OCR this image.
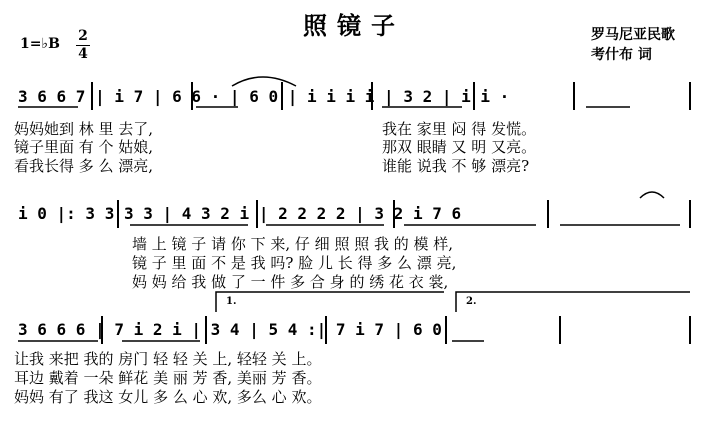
照镜子	罗马尼亚民歌
考什布 词
1=♭B $\frac{2}{4}$
3 6 6 7 | i 7 | 6 6 · | 6 0 | i i i i | 3 2 | i i ·
妈妈她到 林 里 去了,
镜子里面 有 个 姑娘,
看我长得 多 么 漂亮,
我在 家里 闷 得 发慌。
那双 眼睛 又 明 又亮。
谁能 说我 不 够 漂亮?
i 0 |: 3 3 3 3 | 4 3 2 i | 2 2 2 2 | 3 2 i 7 6
墙 上 镜 子 请 你 下 来, 仔 细 照 照 我 的 模 样,
镜 子 里 面 不 是 我 吗? 脸 儿 长 得 多 么 漂 亮,
妈 妈 给 我 做 了 一 件 多 合 身 的 绣 花 衣 裳,
1.	2.
3 6 6 6 | 7 i 2 i | 3 4 | 5 4 :| 7 i 7 | 6 0
让我 来把 我的 房门 轻 轻 关 上, 轻轻 关 上。
耳边 戴着 一朵 鲜花 美 丽 芳 香, 美丽 芳 香。
妈妈 有了 我这 女儿 多 么 心 欢, 多么 心 欢。
